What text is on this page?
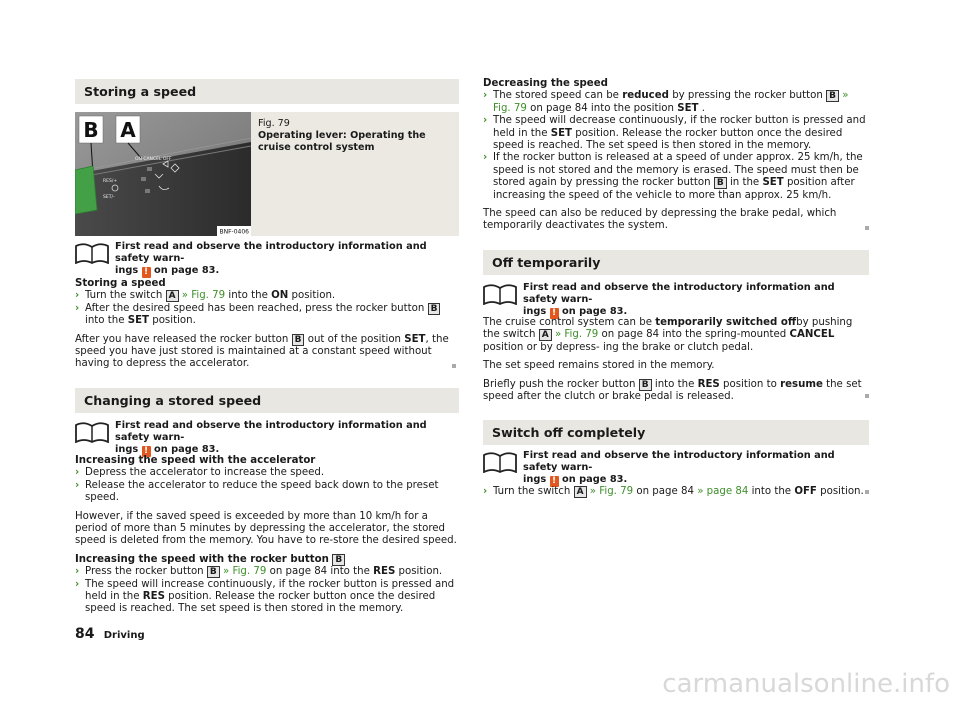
Storing a speed
B A
ON CANCEL OFF
RES/+
SET/-
BNF-0406
Fig. 79
Operating lever: Operating the
cruise control system
First read and observe the introductory information and safety warn-
ings ! on page 83.

Storing a speed

› Turn the switch A » Fig. 79 into the ON position.
› After the desired speed has been reached, press the rocker button B into the SET position.

After you have released the rocker button B out of the position SET, the speed you have just stored is maintained at a constant speed without having to depress the accelerator.

Changing a stored speed
First read and observe the introductory information and safety warn-
ings ! on page 83.

Increasing the speed with the accelerator

› Depress the accelerator to increase the speed.
› Release the accelerator to reduce the speed back down to the preset speed.

However, if the saved speed is exceeded by more than 10 km/h for a period of more than 5 minutes by depressing the accelerator, the stored speed is deleted from the memory. You have to re-store the desired speed.

Increasing the speed with the rocker button B

› Press the rocker button B » Fig. 79 on page 84 into the RES position.
› The speed will increase continuously, if the rocker button is pressed and held in the RES position. Release the rocker button once the desired speed is reached. The set speed is then stored in the memory.

Decreasing the speed

› The stored speed can be reduced by pressing the rocker button B » Fig. 79 on page 84 into the position SET .
› The speed will decrease continuously, if the rocker button is pressed and held in the SET position. Release the rocker button once the desired speed is reached. The set speed is then stored in the memory.
› If the rocker button is released at a speed of under approx. 25 km/h, the speed is not stored and the memory is erased. The speed must then be stored again by pressing the rocker button B in the SET position after increasing the speed of the vehicle to more than approx. 25 km/h.

The speed can also be reduced by depressing the brake pedal, which temporarily deactivates the system.

Off temporarily
First read and observe the introductory information and safety warn-
ings ! on page 83.

The cruise control system can be temporarily switched offby pushing the switch A » Fig. 79 on page 84 into the spring-mounted CANCEL position or by depress- ing the brake or clutch pedal.

The set speed remains stored in the memory.

Briefly push the rocker button B into the RES position to resume the set speed after the clutch or brake pedal is released.

Switch off completely
First read and observe the introductory information and safety warn-
ings ! on page 83.
› Turn the switch A » Fig. 79 on page 84 » page 84 into the OFF position.
84 Driving
carmanualsonline.info
